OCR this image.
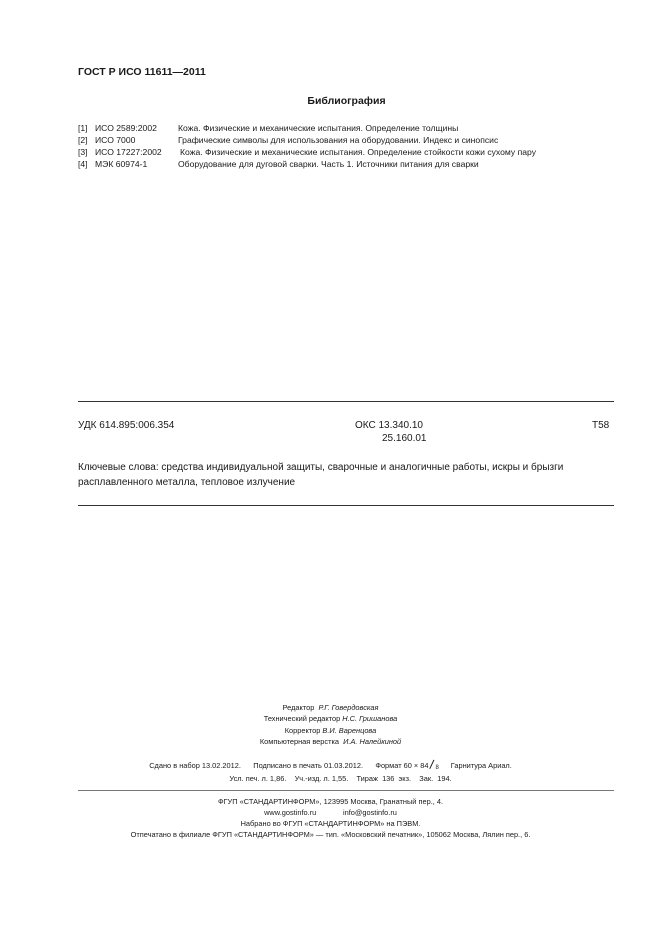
ГОСТ Р ИСО 11611—2011
Библиография
[1] ИСО 2589:2002 Кожа. Физические и механические испытания. Определение толщины
[2] ИСО 7000	Графические символы для использования на оборудовании. Индекс и синопсис
[3] ИСО 17227:2002 Кожа. Физические и механические испытания. Определение стойкости кожи сухому пару
[4] МЭК 60974-1	Оборудование для дуговой сварки. Часть 1. Источники питания для сварки
УДК 614.895:006.354	ОКС 13.340.10
25.160.01
Т58
Ключевые слова: средства индивидуальной защиты, сварочные и аналогичные работы, искры и брызги расплавленного металла, тепловое излучение
Редактор Р.Г. Говердовская
Технический редактор Н.С. Гришанова
Корректор В.И. Варенцова
Компьютерная верстка И.А. Налейкиной
Сдано в набор 13.02.2012. Подписано в печать 01.03.2012. Формат 60 × 84 / 8 Гарнитура Ариал.
Усл. печ. л. 1,86.    Уч.-изд. л. 1,55.    Тираж  136  экз.    Зак.  194.
ФГУП «СТАНДАРТИНФОРМ», 123995 Москва, Гранатный пер., 4.
www.gostinfo.ru	info@gostinfo.ru
Набрано во ФГУП «СТАНДАРТИНФОРМ» на ПЭВМ.
Отпечатано в филиале ФГУП «СТАНДАРТИНФОРМ» — тип. «Московский печатник», 105062 Москва, Лялин пер., 6.
